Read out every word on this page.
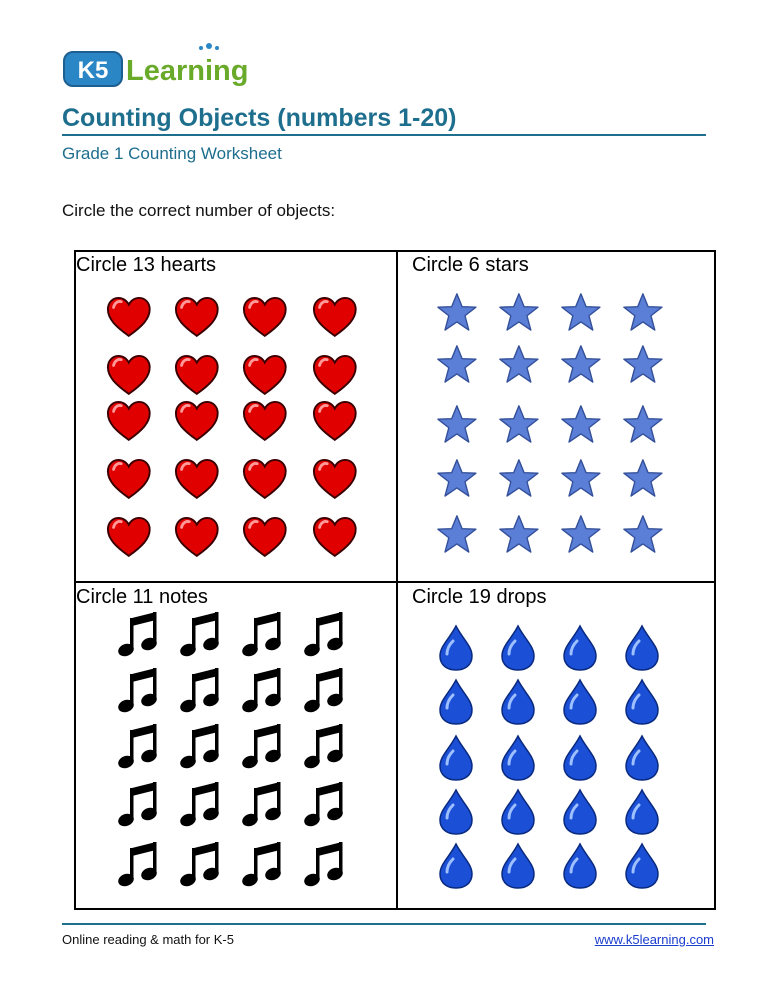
K5 Learning
Counting Objects (numbers 1-20)
Grade 1 Counting Worksheet
Circle the correct number of objects:
Circle 13 hearts	Circle 6 stars
Circle 11 notes	Circle 19 drops
Online reading & math for K-5	www.k5learning.com
